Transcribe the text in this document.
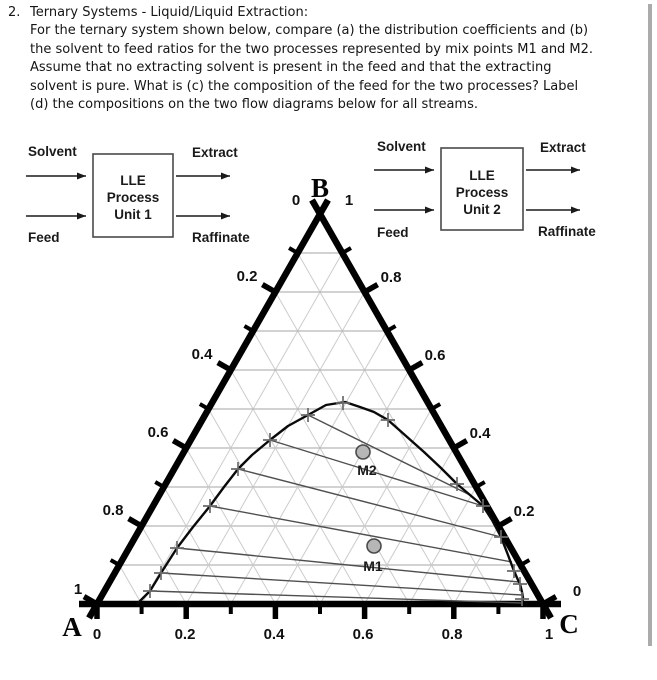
2. Ternary Systems - Liquid/Liquid Extraction:
For the ternary system shown below, compare (a) the distribution coefficients and (b)
the solvent to feed ratios for the two processes represented by mix points M1 and M2.
Assume that no extracting solvent is present in the feed and that the extracting
solvent is pure. What is (c) the composition of the feed for the two processes? Label
(d) the compositions on the two flow diagrams below for all streams.
M2
M1
B
A	C
0	1
0.2
0.4
0.6
0.8
1
0.8
0.6
0.4
0.2
0
0	0.2	0.4	0.6	0.8	1
LLE
Process
Unit 1
Solvent
Feed
Extract
Raffinate
LLE
Process
Unit 2
Solvent
Feed
Extract
Raffinate
